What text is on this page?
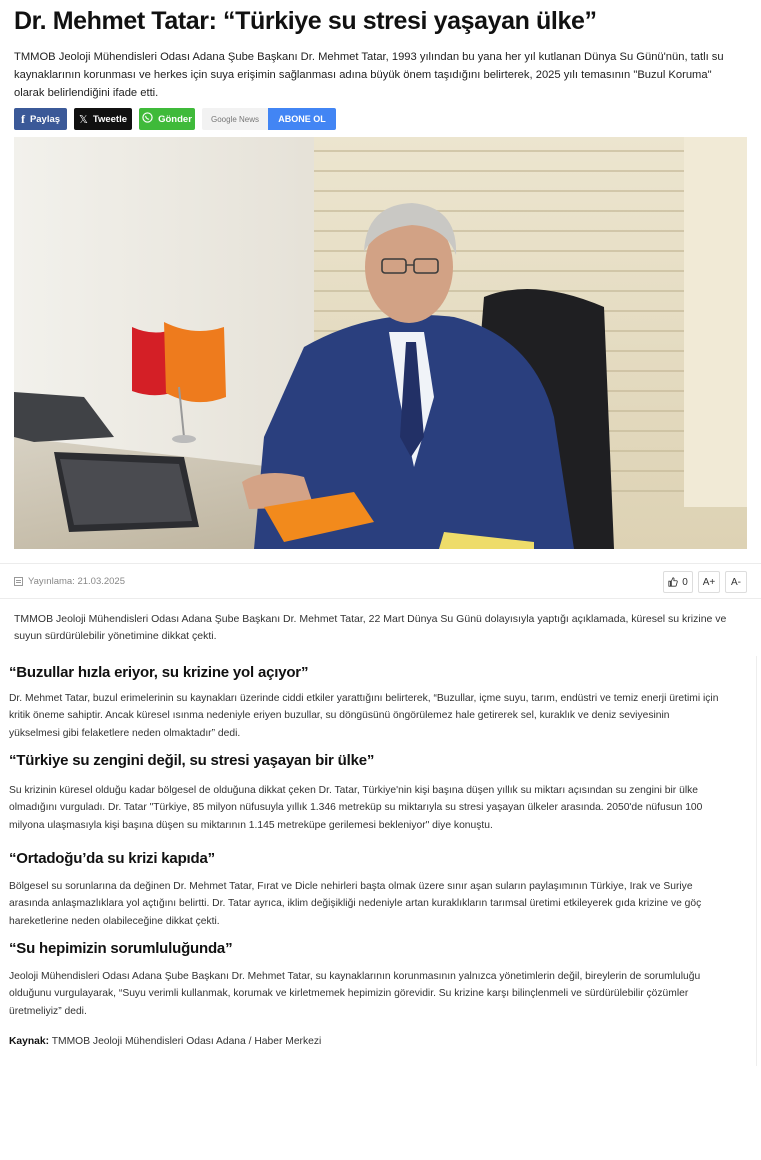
Dr. Mehmet Tatar: “Türkiye su stresi yaşayan ülke”
TMMOB Jeoloji Mühendisleri Odası Adana Şube Başkanı Dr. Mehmet Tatar, 1993 yılından bu yana her yıl kutlanan Dünya Su Günü'nün, tatlı su kaynaklarının korunması ve herkes için suya erişimin sağlanması adına büyük önem taşıdığını belirterek, 2025 yılı temasının "Buzul Koruma" olarak belirlendiğini ifade etti.
f Paylaş 𝕏 Tweetle	Gönder Google News ABONE OL
Yayınlama: 21.03.2025	0	A+	A-
TMMOB Jeoloji Mühendisleri Odası Adana Şube Başkanı Dr. Mehmet Tatar, 22 Mart Dünya Su Günü dolayısıyla yaptığı açıklamada, küresel su krizine ve suyun sürdürülebilir yönetimine dikkat çekti.
“Buzullar hızla eriyor, su krizine yol açıyor”
Dr. Mehmet Tatar, buzul erimelerinin su kaynakları üzerinde ciddi etkiler yarattığını belirterek, “Buzullar, içme suyu, tarım, endüstri ve temiz enerji üretimi için kritik öneme sahiptir. Ancak küresel ısınma nedeniyle eriyen buzullar, su döngüsünü öngörülemez hale getirerek sel, kuraklık ve deniz seviyesinin yükselmesi gibi felaketlere neden olmaktadır” dedi.
“Türkiye su zengini değil, su stresi yaşayan bir ülke”
Su krizinin küresel olduğu kadar bölgesel de olduğuna dikkat çeken Dr. Tatar, Türkiye'nin kişi başına düşen yıllık su miktarı açısından su zengini bir ülke olmadığını vurguladı. Dr. Tatar "Türkiye, 85 milyon nüfusuyla yıllık 1.346 metreküp su miktarıyla su stresi yaşayan ülkeler arasında. 2050'de nüfusun 100 milyona ulaşmasıyla kişi başına düşen su miktarının 1.145 metreküpe gerilemesi bekleniyor" diye konuştu.
“Ortadoğu’da su krizi kapıda”
Bölgesel su sorunlarına da değinen Dr. Mehmet Tatar, Fırat ve Dicle nehirleri başta olmak üzere sınır aşan suların paylaşımının Türkiye, Irak ve Suriye arasında anlaşmazlıklara yol açtığını belirtti. Dr. Tatar ayrıca, iklim değişikliği nedeniyle artan kuraklıkların tarımsal üretimi etkileyerek gıda krizine ve göç hareketlerine neden olabileceğine dikkat çekti.
“Su hepimizin sorumluluğunda”
Jeoloji Mühendisleri Odası Adana Şube Başkanı Dr. Mehmet Tatar, su kaynaklarının korunmasının yalnızca yönetimlerin değil, bireylerin de sorumluluğu olduğunu vurgulayarak, “Suyu verimli kullanmak, korumak ve kirletmemek hepimizin görevidir. Su krizine karşı bilinçlenmeli ve sürdürülebilir çözümler üretmeliyiz” dedi.
Kaynak: TMMOB Jeoloji Mühendisleri Odası Adana / Haber Merkezi
